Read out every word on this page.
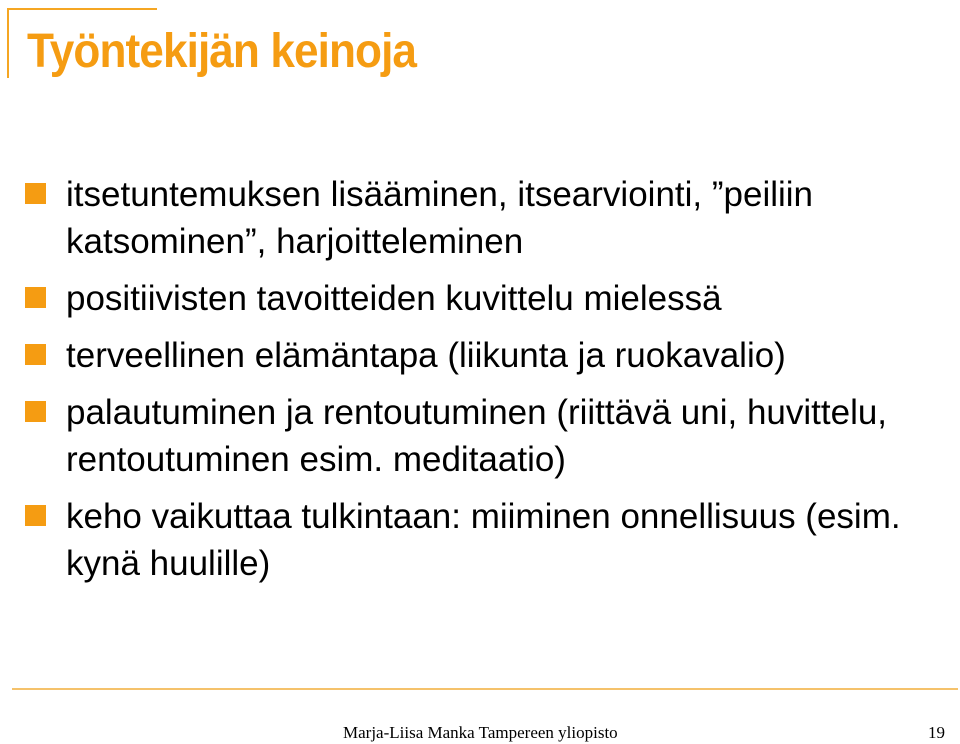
Työntekijän keinoja
itsetuntemuksen lisääminen, itsearviointi, ”peiliin katsominen”, harjoitteleminen
positiivisten tavoitteiden kuvittelu mielessä
terveellinen elämäntapa (liikunta ja ruokavalio)
palautuminen ja rentoutuminen (riittävä uni, huvittelu, rentoutuminen esim. meditaatio)
keho vaikuttaa tulkintaan: miiminen onnellisuus (esim. kynä huulille)
Marja-Liisa Manka Tampereen yliopisto	19
